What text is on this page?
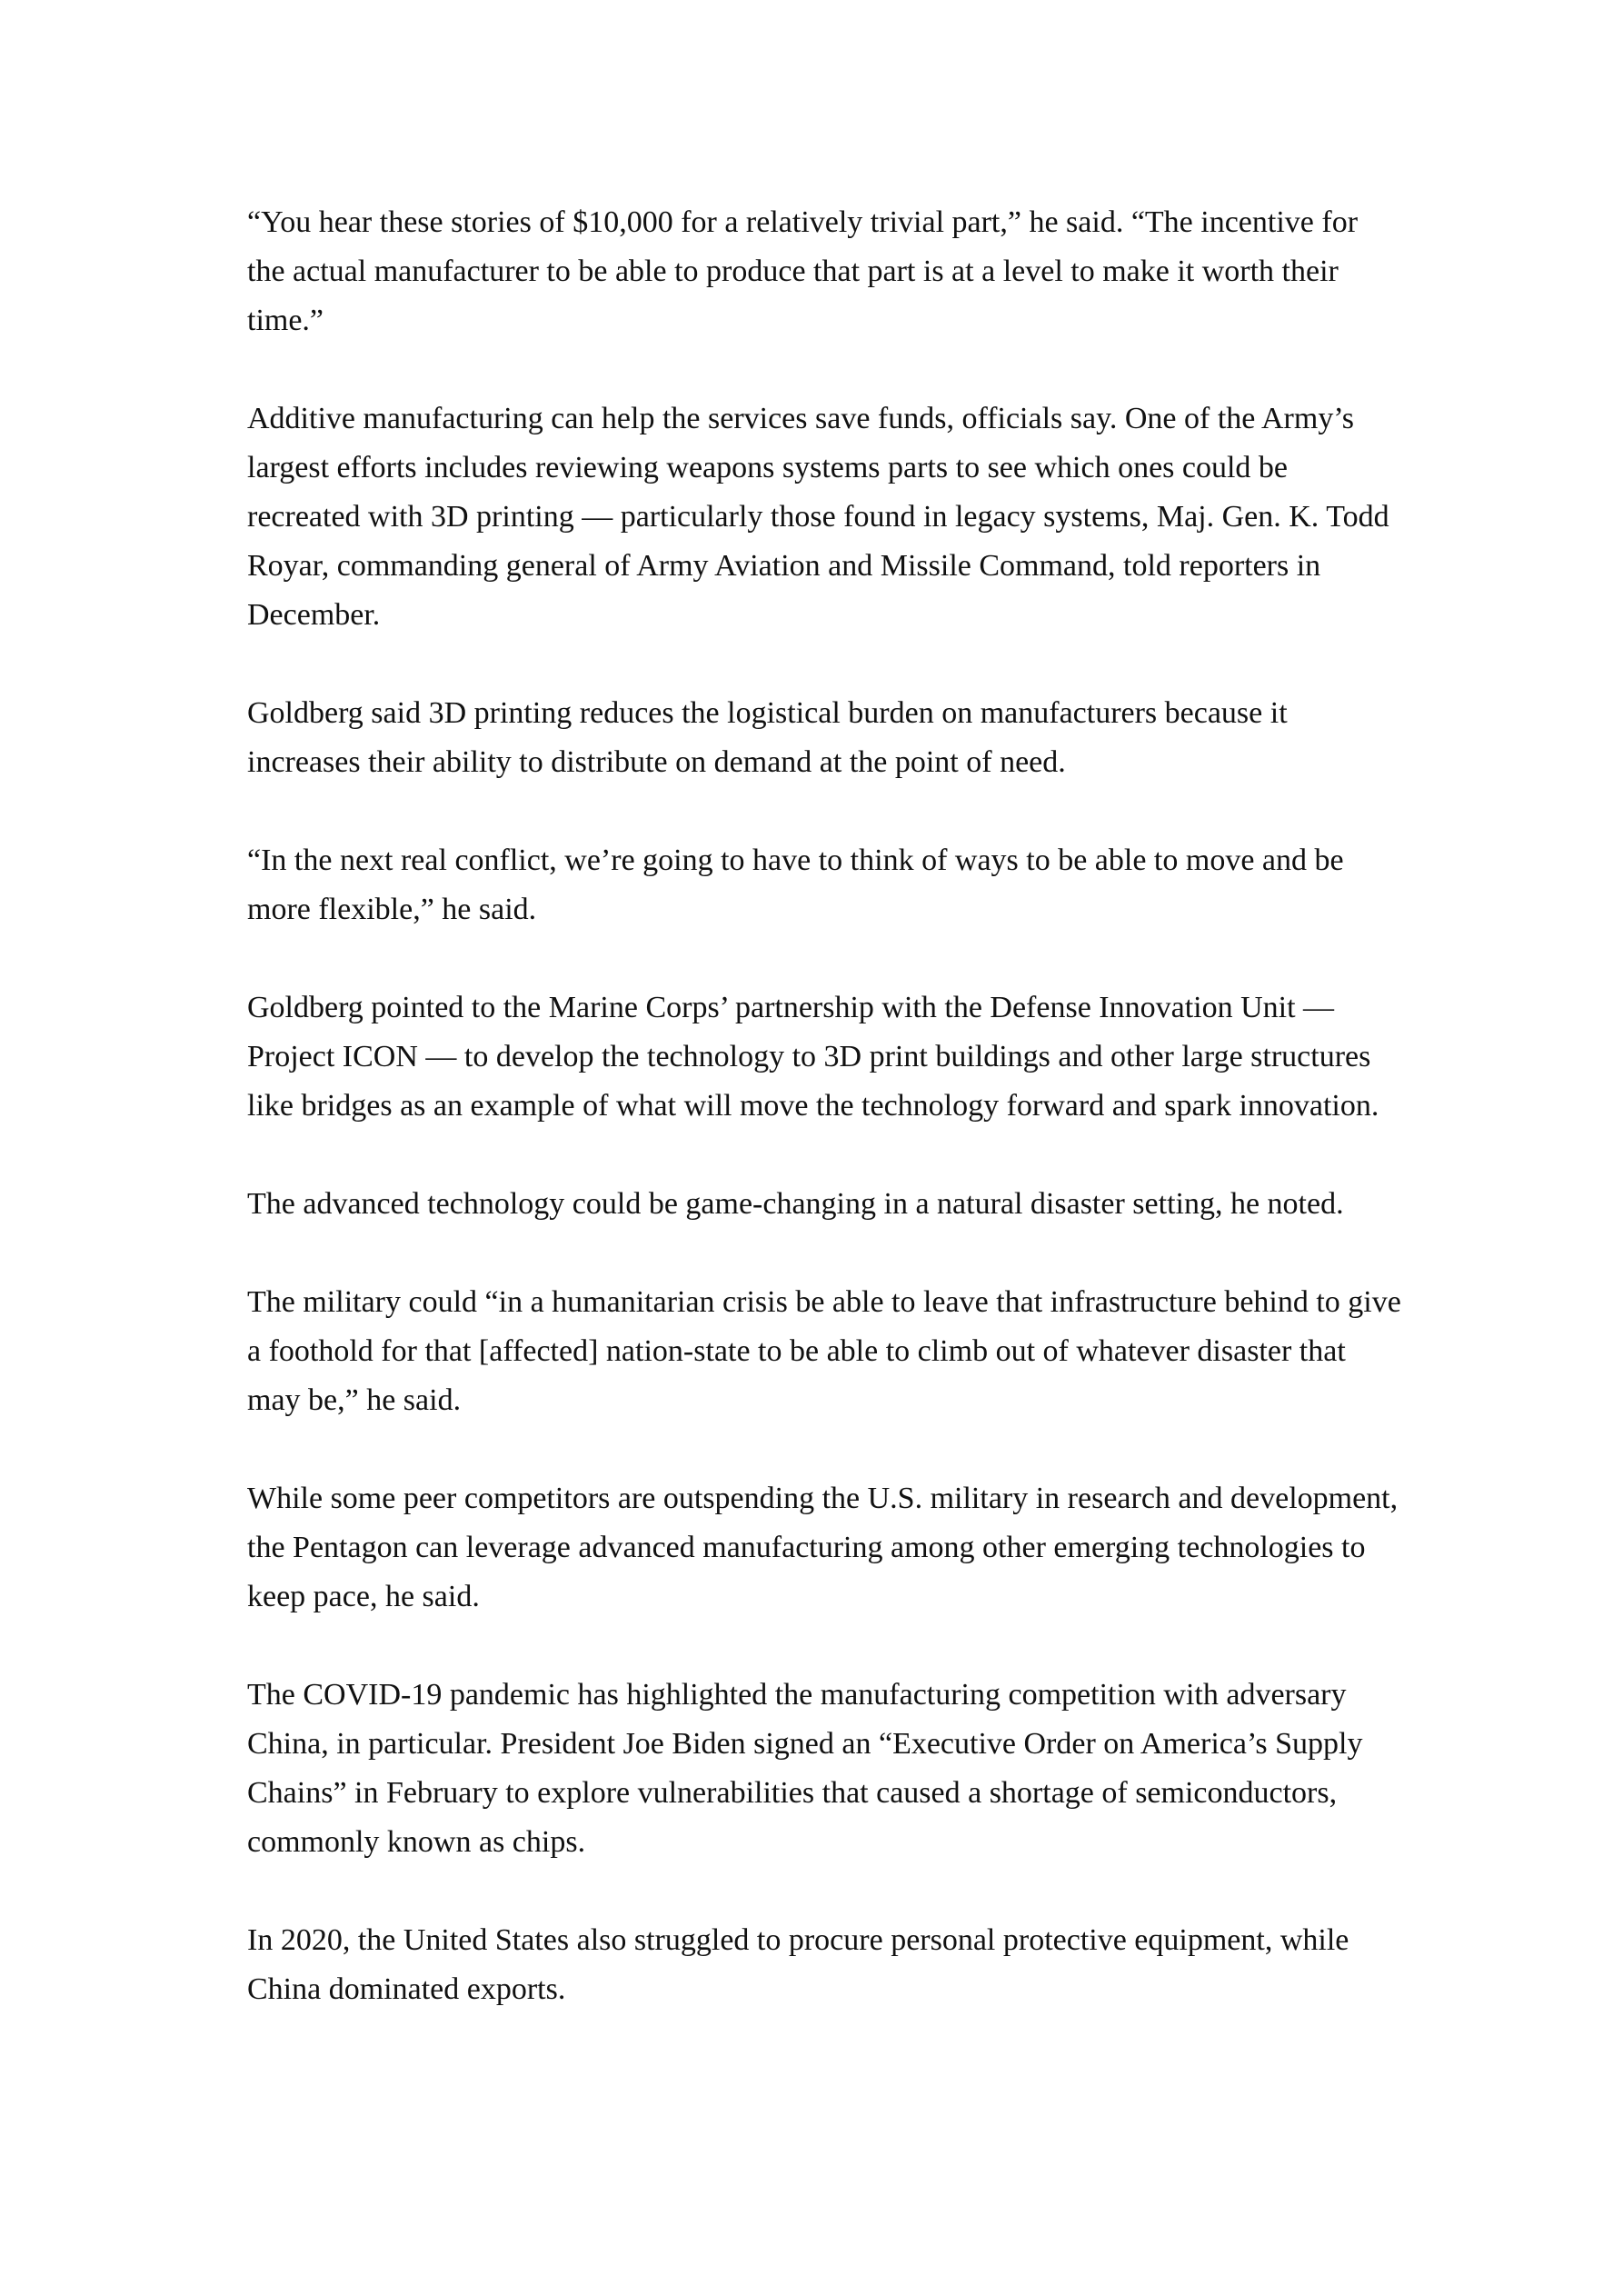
“You hear these stories of $10,000 for a relatively trivial part,” he said. “The incentive for the actual manufacturer to be able to produce that part is at a level to make it worth their time.”

Additive manufacturing can help the services save funds, officials say. One of the Army’s largest efforts includes reviewing weapons systems parts to see which ones could be recreated with 3D printing — particularly those found in legacy systems, Maj. Gen. K. Todd Royar, commanding general of Army Aviation and Missile Command, told reporters in December.

Goldberg said 3D printing reduces the logistical burden on manufacturers because it increases their ability to distribute on demand at the point of need.

“In the next real conflict, we’re going to have to think of ways to be able to move and be more flexible,” he said.

Goldberg pointed to the Marine Corps’ partnership with the Defense Innovation Unit — Project ICON — to develop the technology to 3D print buildings and other large structures like bridges as an example of what will move the technology forward and spark innovation.

The advanced technology could be game-changing in a natural disaster setting, he noted.

The military could “in a humanitarian crisis be able to leave that infrastructure behind to give a foothold for that [affected] nation-state to be able to climb out of whatever disaster that may be,” he said.

While some peer competitors are outspending the U.S. military in research and development, the Pentagon can leverage advanced manufacturing among other emerging technologies to keep pace, he said.

The COVID-19 pandemic has highlighted the manufacturing competition with adversary China, in particular. President Joe Biden signed an “Executive Order on America’s Supply Chains” in February to explore vulnerabilities that caused a shortage of semiconductors, commonly known as chips.

In 2020, the United States also struggled to procure personal protective equipment, while China dominated exports.
